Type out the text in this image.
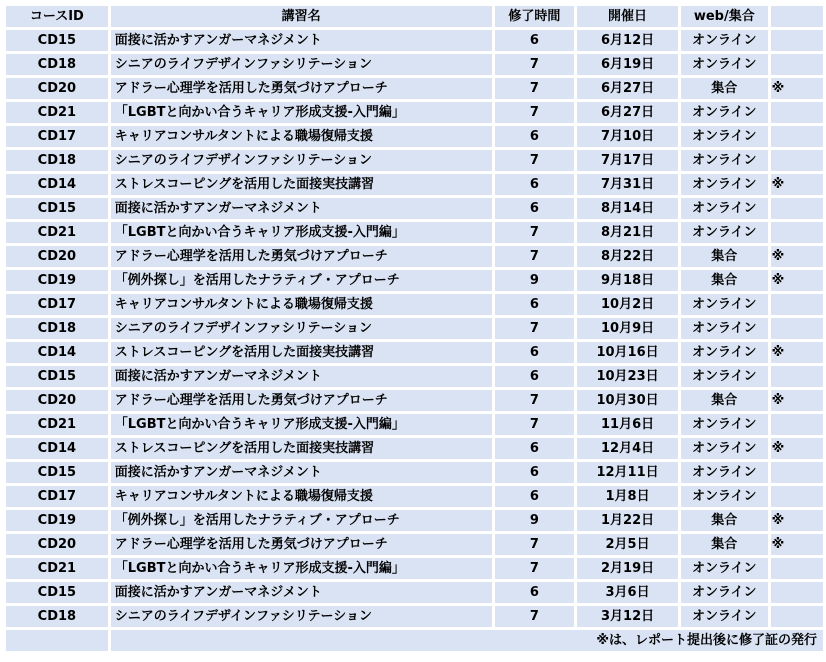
コースID	講習名	修了時間	開催日	web/集合	
CD15	面接に活かすアンガーマネジメント	6	6月12日	オンライン	
CD18	シニアのライフデザインファシリテーション	7	6月19日	オンライン	
CD20	アドラー心理学を活用した勇気づけアプローチ	7	6月27日	集合	※
CD21	「LGBTと向かい合うキャリア形成支援-入門編」	7	6月27日	オンライン	
CD17	キャリアコンサルタントによる職場復帰支援	6	7月10日	オンライン	
CD18	シニアのライフデザインファシリテーション	7	7月17日	オンライン	
CD14	ストレスコーピングを活用した面接実技講習	6	7月31日	オンライン	※
CD15	面接に活かすアンガーマネジメント	6	8月14日	オンライン	
CD21	「LGBTと向かい合うキャリア形成支援-入門編」	7	8月21日	オンライン	
CD20	アドラー心理学を活用した勇気づけアプローチ	7	8月22日	集合	※
CD19	「例外探し」を活用したナラティブ・アプローチ	9	9月18日	集合	※
CD17	キャリアコンサルタントによる職場復帰支援	6	10月2日	オンライン	
CD18	シニアのライフデザインファシリテーション	7	10月9日	オンライン	
CD14	ストレスコーピングを活用した面接実技講習	6	10月16日	オンライン	※
CD15	面接に活かすアンガーマネジメント	6	10月23日	オンライン	
CD20	アドラー心理学を活用した勇気づけアプローチ	7	10月30日	集合	※
CD21	「LGBTと向かい合うキャリア形成支援-入門編」	7	11月6日	オンライン	
CD14	ストレスコーピングを活用した面接実技講習	6	12月4日	オンライン	※
CD15	面接に活かすアンガーマネジメント	6	12月11日	オンライン	
CD17	キャリアコンサルタントによる職場復帰支援	6	1月8日	オンライン	
CD19	「例外探し」を活用したナラティブ・アプローチ	9	1月22日	集合	※
CD20	アドラー心理学を活用した勇気づけアプローチ	7	2月5日	集合	※
CD21	「LGBTと向かい合うキャリア形成支援-入門編」	7	2月19日	オンライン	
CD15	面接に活かすアンガーマネジメント	6	3月6日	オンライン	
CD18	シニアのライフデザインファシリテーション	7	3月12日	オンライン	
	※は、レポート提出後に修了証の発行				
